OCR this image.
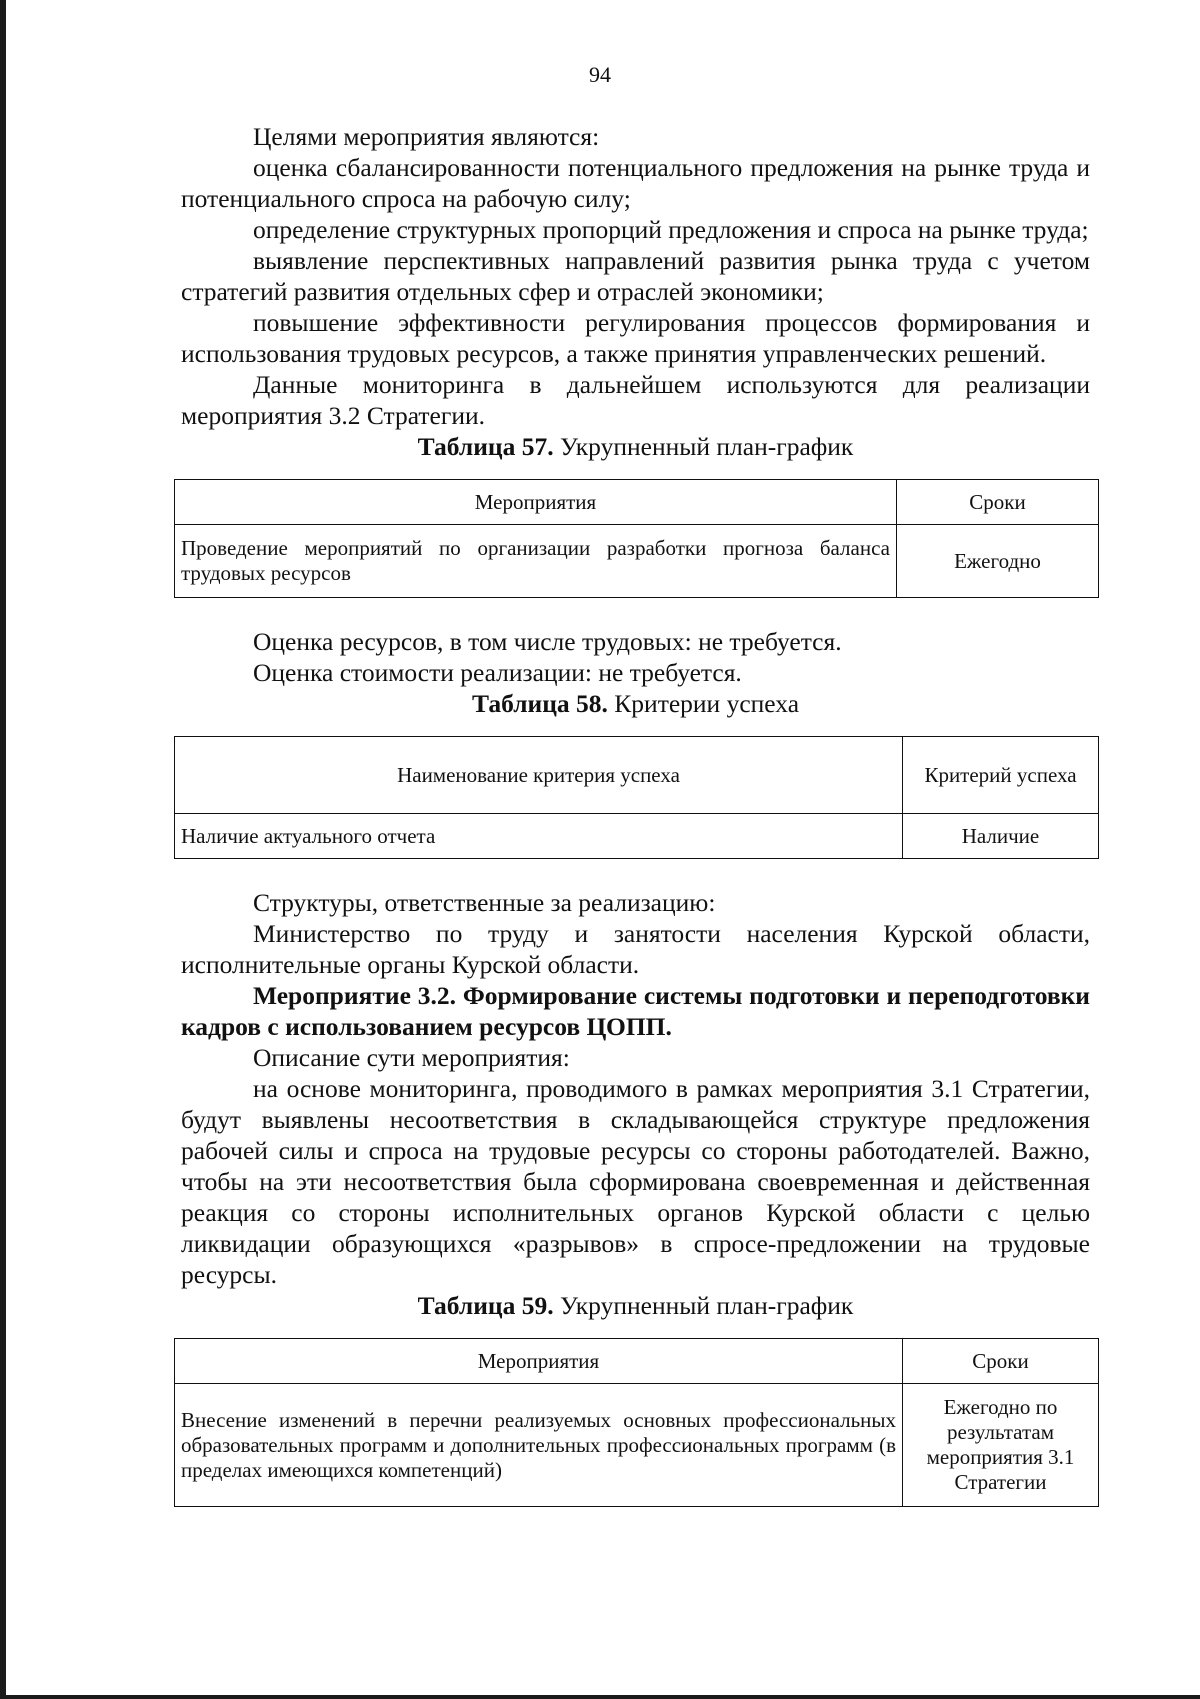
94

Целями мероприятия являются:

оценка сбалансированности потенциального предложения на рынке труда и потенциального спроса на рабочую силу;

определение структурных пропорций предложения и спроса на рынке труда;

выявление перспективных направлений развития рынка труда с учетом стратегий развития отдельных сфер и отраслей экономики;

повышение эффективности регулирования процессов формирования и использования трудовых ресурсов, а также принятия управленческих решений.

Данные мониторинга в дальнейшем используются для реализации мероприятия 3.2 Стратегии.

Таблица 57. Укрупненный план-график
Мероприятия	Сроки
Проведение мероприятий по организации разработки прогноза баланса трудовых ресурсов	Ежегодно

Оценка ресурсов, в том числе трудовых: не требуется.

Оценка стоимости реализации: не требуется.

Таблица 58. Критерии успеха
Наименование критерия успеха	Критерий успеха
Наличие актуального отчета	Наличие

Структуры, ответственные за реализацию:

Министерство по труду и занятости населения Курской области, исполнительные органы Курской области.

Мероприятие 3.2. Формирование системы подготовки и переподготовки кадров с использованием ресурсов ЦОПП.

Описание сути мероприятия:

на основе мониторинга, проводимого в рамках мероприятия 3.1 Стратегии, будут выявлены несоответствия в складывающейся структуре предложения рабочей силы и спроса на трудовые ресурсы со стороны работодателей. Важно, чтобы на эти несоответствия была сформирована своевременная и действенная реакция со стороны исполнительных органов Курской области с целью ликвидации образующихся «разрывов» в спросе-предложении на трудовые ресурсы.

Таблица 59. Укрупненный план-график
Мероприятия	Сроки
Внесение изменений в перечни реализуемых основных профессиональных образовательных программ и дополнительных профессиональных программ (в пределах имеющихся компетенций)	Ежегодно по результатам мероприятия 3.1 Стратегии
